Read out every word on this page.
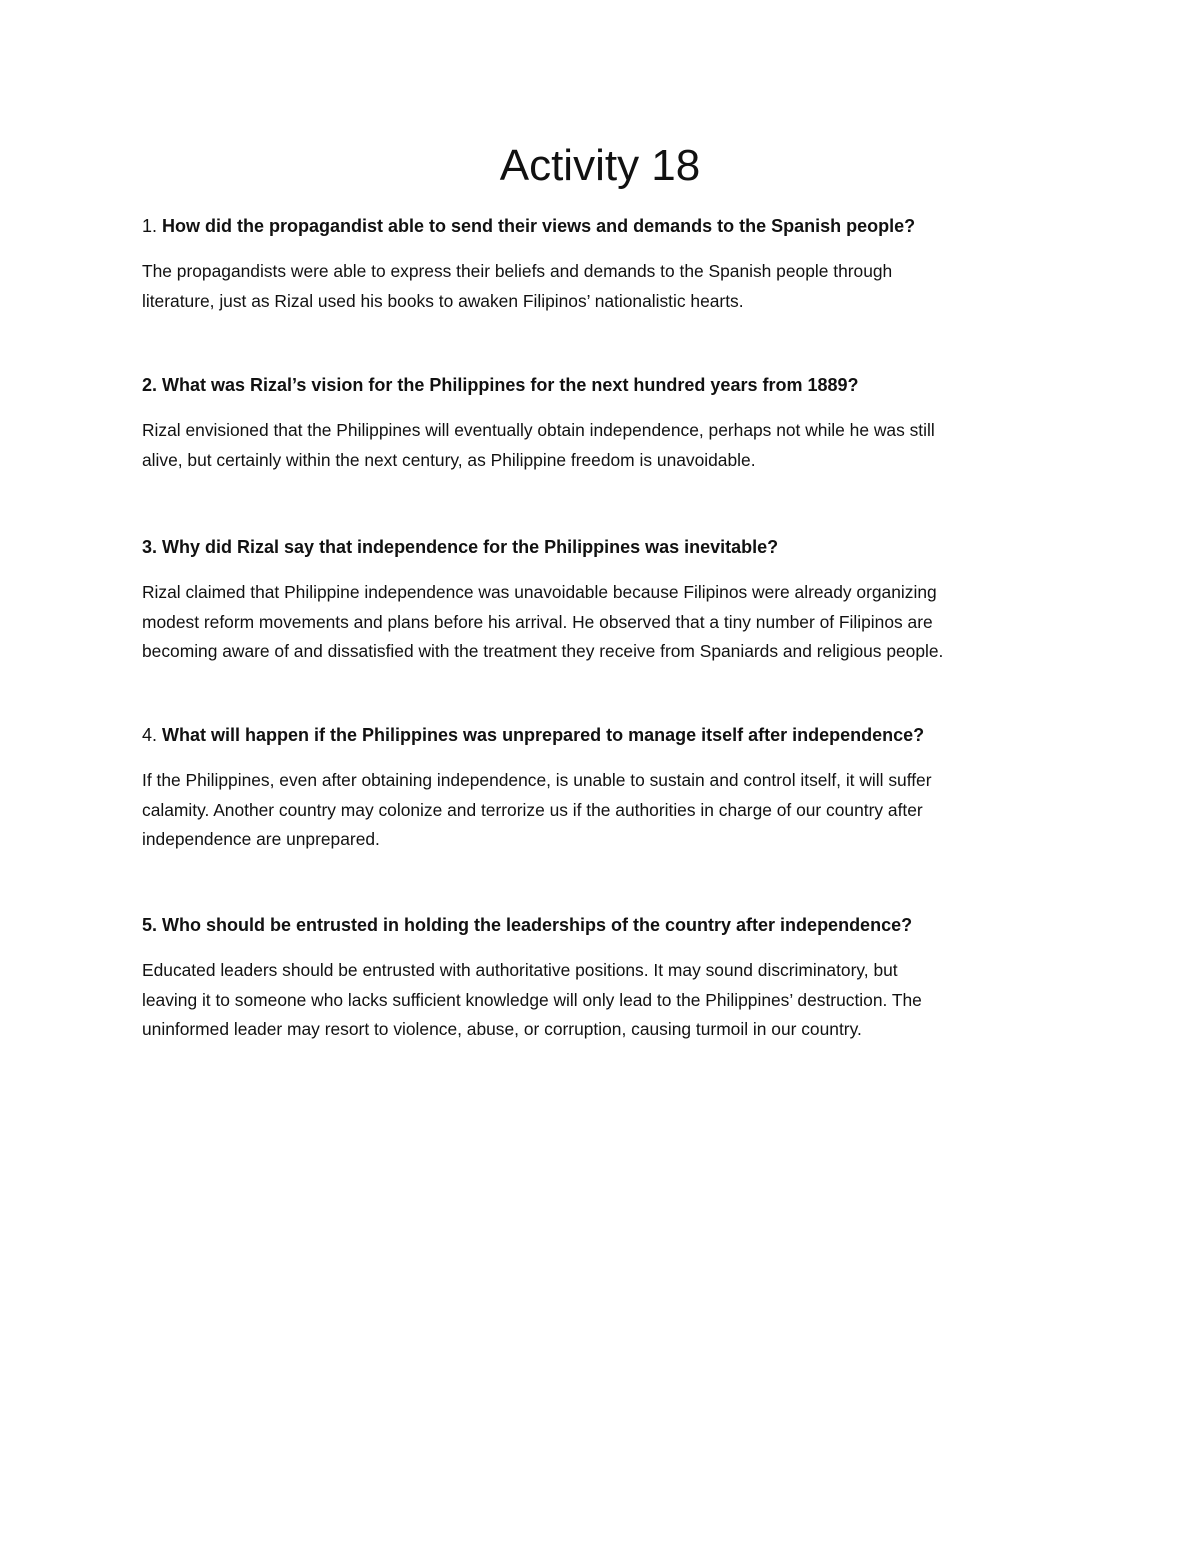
Activity 18

1. How did the propagandist able to send their views and demands to the Spanish people?

The propagandists were able to express their beliefs and demands to the Spanish people through
literature, just as Rizal used his books to awaken Filipinos’ nationalistic hearts.

2. What was Rizal’s vision for the Philippines for the next hundred years from 1889?

Rizal envisioned that the Philippines will eventually obtain independence, perhaps not while he was still
alive, but certainly within the next century, as Philippine freedom is unavoidable.

3. Why did Rizal say that independence for the Philippines was inevitable?

Rizal claimed that Philippine independence was unavoidable because Filipinos were already organizing
modest reform movements and plans before his arrival. He observed that a tiny number of Filipinos are
becoming aware of and dissatisfied with the treatment they receive from Spaniards and religious people.

4. What will happen if the Philippines was unprepared to manage itself after independence?

If the Philippines, even after obtaining independence, is unable to sustain and control itself, it will suffer
calamity. Another country may colonize and terrorize us if the authorities in charge of our country after
independence are unprepared.

5. Who should be entrusted in holding the leaderships of the country after independence?

Educated leaders should be entrusted with authoritative positions. It may sound discriminatory, but
leaving it to someone who lacks sufficient knowledge will only lead to the Philippines’ destruction. The
uninformed leader may resort to violence, abuse, or corruption, causing turmoil in our country.
